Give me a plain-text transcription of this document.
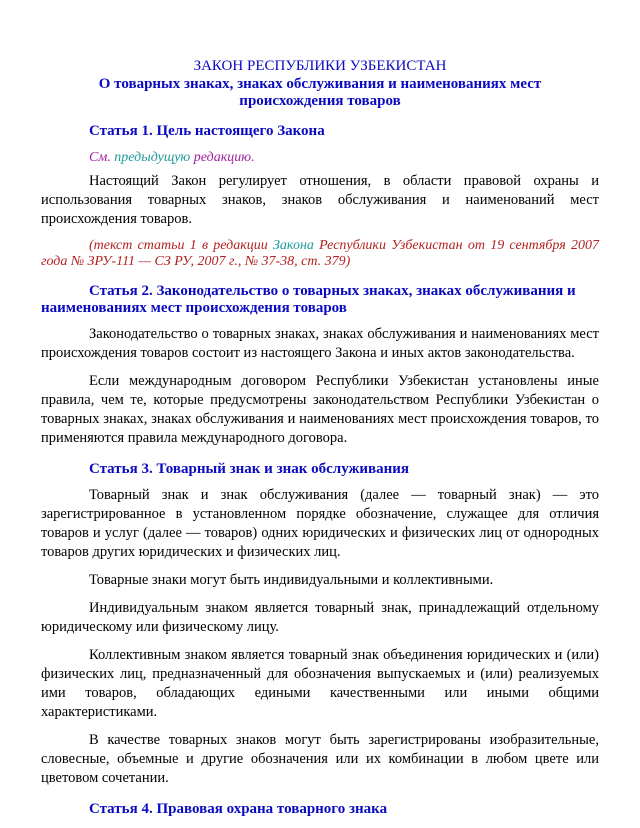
ЗАКОН РЕСПУБЛИКИ УЗБЕКИСТАН
О товарных знаках, знаках обслуживания и наименованиях мест происхождения товаров

Статья 1. Цель настоящего Закона

См. предыдущую редакцию.

Настоящий Закон регулирует отношения, в области правовой охраны и использования товарных знаков, знаков обслуживания и наименований мест происхождения товаров.

(текст статьи 1 в редакции Закона Республики Узбекистан от 19 сентября 2007 года № ЗРУ-111 — СЗ РУ, 2007 г., № 37-38, ст. 379)

Статья 2. Законодательство о товарных знаках, знаках обслуживания и наименованиях мест происхождения товаров

Законодательство о товарных знаках, знаках обслуживания и наименованиях мест происхождения товаров состоит из настоящего Закона и иных актов законодательства.

Если международным договором Республики Узбекистан установлены иные правила, чем те, которые предусмотрены законодательством Республики Узбекистан о товарных знаках, знаках обслуживания и наименованиях мест происхождения товаров, то применяются правила международного договора.

Статья 3. Товарный знак и знак обслуживания

Товарный знак и знак обслуживания (далее — товарный знак) — это зарегистрированное в установленном порядке обозначение, служащее для отличия товаров и услуг (далее — товаров) одних юридических и физических лиц от однородных товаров других юридических и физических лиц.

Товарные знаки могут быть индивидуальными и коллективными.

Индивидуальным знаком является товарный знак, принадлежащий отдельному юридическому или физическому лицу.

Коллективным знаком является товарный знак объединения юридических и (или) физических лиц, предназначенный для обозначения выпускаемых и (или) реализуемых ими товаров, обладающих едиными качественными или иными общими характеристиками.

В качестве товарных знаков могут быть зарегистрированы изобразительные, словесные, объемные и другие обозначения или их комбинации в любом цвете или цветовом сочетании.

Статья 4. Правовая охрана товарного знака
